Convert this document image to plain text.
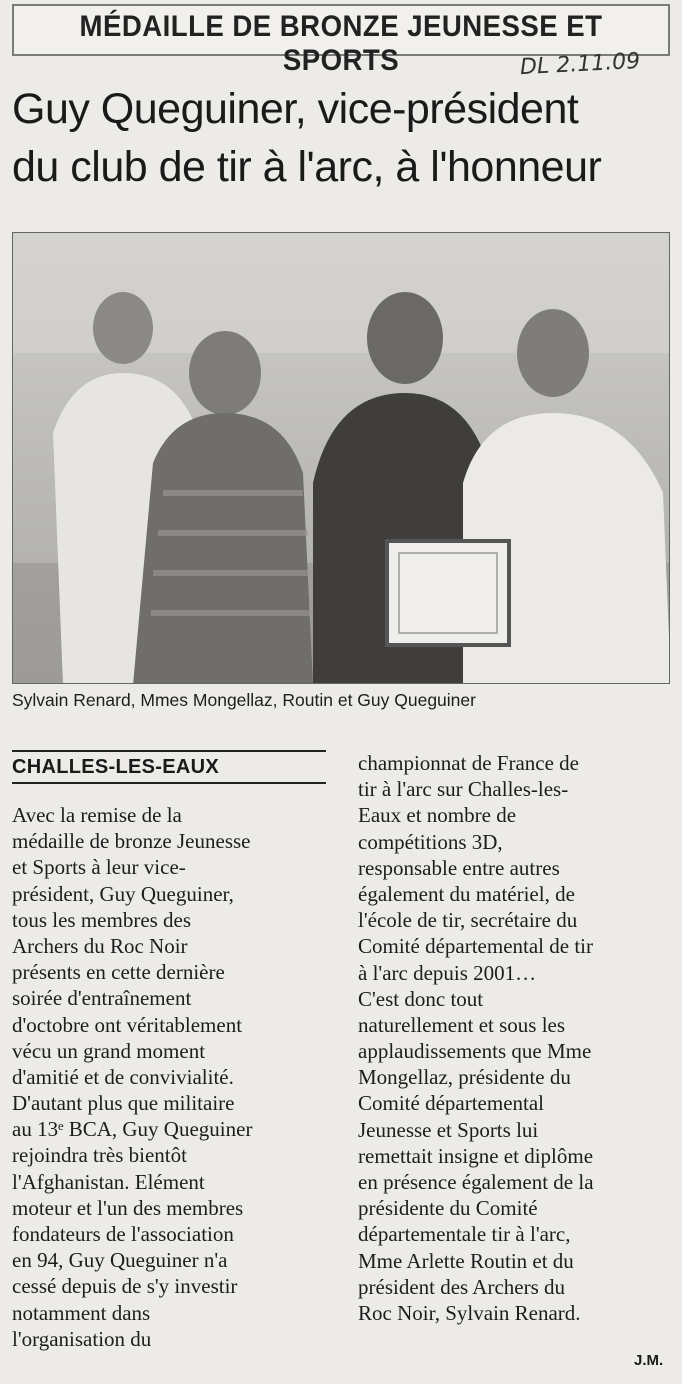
MÉDAILLE DE BRONZE JEUNESSE ET SPORTS	DL 2.11.09
Guy Queguiner, vice-président
du club de tir à l'arc, à l'honneur
Sylvain Renard, Mmes Mongellaz, Routin et Guy Queguiner
CHALLES-LES-EAUX
Avec la remise de la
médaille de bronze Jeunesse
et Sports à leur vice-
président, Guy Queguiner,
tous les membres des
Archers du Roc Noir
présents en cette dernière
soirée d'entraînement
d'octobre ont véritablement
vécu un grand moment
d'amitié et de convivialité.
D'autant plus que militaire
au 13ᵉ BCA, Guy Queguiner
rejoindra très bientôt
l'Afghanistan. Elément
moteur et l'un des membres
fondateurs de l'association
en 94, Guy Queguiner n'a
cessé depuis de s'y investir
notamment dans
l'organisation du
championnat de France de
tir à l'arc sur Challes-les-
Eaux et nombre de
compétitions 3D,
responsable entre autres
également du matériel, de
l'école de tir, secrétaire du
Comité départemental de tir
à l'arc depuis 2001…
C'est donc tout
naturellement et sous les
applaudissements que Mme
Mongellaz, présidente du
Comité départemental
Jeunesse et Sports lui
remettait insigne et diplôme
en présence également de la
présidente du Comité
départementale tir à l'arc,
Mme Arlette Routin et du
président des Archers du
Roc Noir, Sylvain Renard.
J.M.
